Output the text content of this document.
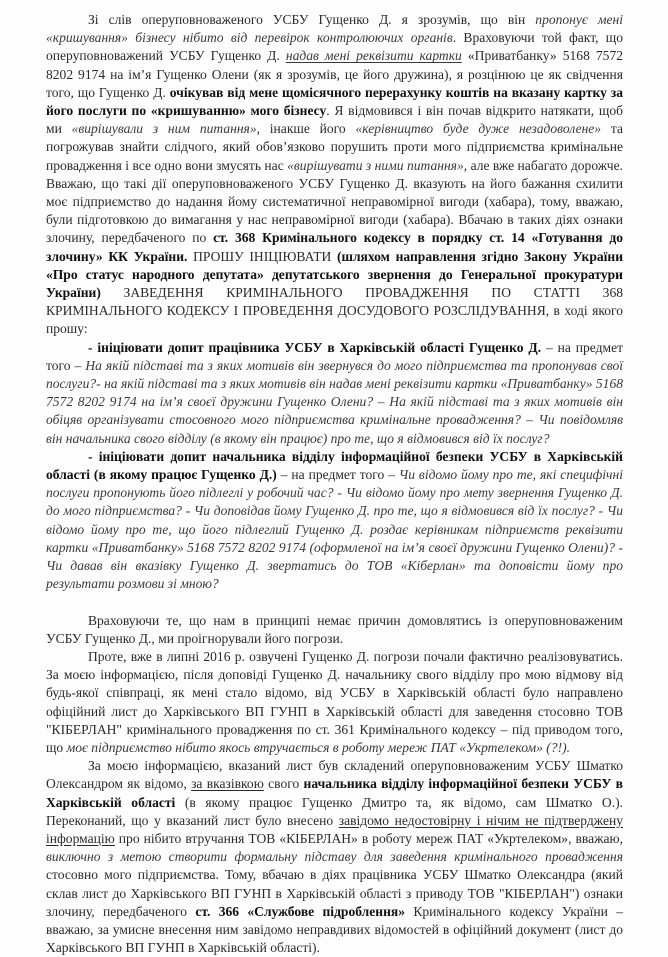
Зі слів оперуповноваженого УСБУ Гущенко Д. я зрозумів, що він пропонує мені «кришування» бізнесу нібито від перевірок контролюючих органів. Враховуючи той факт, що оперуповноважений УСБУ Гущенко Д. надав мені реквізити картки «Приватбанку» 5168 7572 8202 9174 на ім’я Гущенко Олени (як я зрозумів, це його дружина), я розцінюю це як свідчення того, що Гущенко Д. очікував від мене щомісячного перерахунку коштів на вказану картку за його послуги по «кришуванню» мого бізнесу. Я відмовився і він почав відкрито натякати, щоб ми «вирішували з ним питання», інакше його «керівництво буде дуже незадоволене» та погрожував знайти слідчого, який обов’язково порушить проти мого підприємства кримінальне провадження і все одно вони змусять нас «вирішувати з ними питання», але вже набагато дорожче. Вважаю, що такі дії оперуповноваженого УСБУ Гущенко Д. вказують на його бажання схилити моє підприємство до надання йому систематичної неправомірної вигоди (хабара), тому, вважаю, були підготовкою до вимагання у нас неправомірної вигоди (хабара). Вбачаю в таких діях ознаки злочину, передбаченого по ст. 368 Кримінального кодексу в порядку ст. 14 «Готування до злочину» КК України. ПРОШУ ІНІЦІЮВАТИ (шляхом направлення згідно Закону України «Про статус народного депутата» депутатського звернення до Генеральної прокуратури України) ЗАВЕДЕННЯ КРИМІНАЛЬНОГО ПРОВАДЖЕННЯ ПО СТАТТІ 368 КРИМІНАЛЬНОГО КОДЕКСУ І ПРОВЕДЕННЯ ДОСУДОВОГО РОЗСЛІДУВАННЯ, в ході якого прошу:

- ініціювати допит працівника УСБУ в Харківській області Гущенко Д. – на предмет того – На якій підставі та з яких мотивів він звернувся до мого підприємства та пропонував свої послуги?- на якій підставі та з яких мотивів він надав мені реквізити картки «Приватбанку» 5168 7572 8202 9174 на ім’я своєї дружини Гущенко Олени? – На якій підставі та з яких мотивів він обіцяв організувати стосовного мого підприємства кримінальне провадження? – Чи повідомляв він начальника свого відділу (в якому він працює) про те, що я відмовився від їх послуг?

- ініціювати допит начальника відділу інформаційної безпеки УСБУ в Харківській області (в якому працює Гущенко Д.) – на предмет того – Чи відомо йому про те, які специфічні послуги пропонують його підлеглі у робочий час? - Чи відомо йому про мету звернення Гущенко Д. до мого підприємства? - Чи доповідав йому Гущенко Д. про те, що я відмовився від їх послуг? - Чи відомо йому про те, що його підлеглий Гущенко Д. роздає керівникам підприємств реквізити картки «Приватбанку» 5168 7572 8202 9174 (оформленої на ім’я своєї дружини Гущенко Олени)? - Чи давав він вказівку Гущенко Д. звертатись до ТОВ «Кіберлан» та доповісти йому про результати розмови зі мною?

Враховуючи те, що нам в принципі немає причин домовлятись із оперуповноваженим УСБУ Гущенко Д., ми проігнорували його погрози.

Проте, вже в липні 2016 р. озвучені Гущенко Д. погрози почали фактично реалізовуватись. За моєю інформацією, після доповіді Гущенко Д. начальнику свого відділу про мою відмову від будь-якої співпраці, як мені стало відомо, від УСБУ в Харківській області було направлено офіційний лист до Харківського ВП ГУНП в Харківській області для заведення стосовно ТОВ "КІБЕРЛАН" кримінального провадження по ст. 361 Кримінального кодексу – під приводом того, що моє підприємство нібито якось втручається в роботу мереж ПАТ «Укртелеком» (?!).

За моєю інформацією, вказаний лист був складений оперуповноваженим УСБУ Шматко Олександром як відомо, за вказівкою свого начальника відділу інформаційної безпеки УСБУ в Харківській області (в якому працює Гущенко Дмитро та, як відомо, сам Шматко О.). Переконаний, що у вказаний лист було внесено завідомо недостовірну і нічим не підтверджену інформацію про нібито втручання ТОВ «КІБЕРЛАН» в роботу мереж ПАТ «Укртелеком», вважаю, виключно з метою створити формальну підставу для заведення кримінального провадження стосовно мого підприємства. Тому, вбачаю в діях працівника УСБУ Шматко Олександра (який склав лист до Харківського ВП ГУНП в Харківській області з приводу ТОВ "КІБЕРЛАН") ознаки злочину, передбаченого ст. 366 «Службове підроблення» Кримінального кодексу України – вважаю, за умисне внесення ним завідомо неправдивих відомостей в офіційний документ (лист до Харківського ВП ГУНП в Харківській області).
